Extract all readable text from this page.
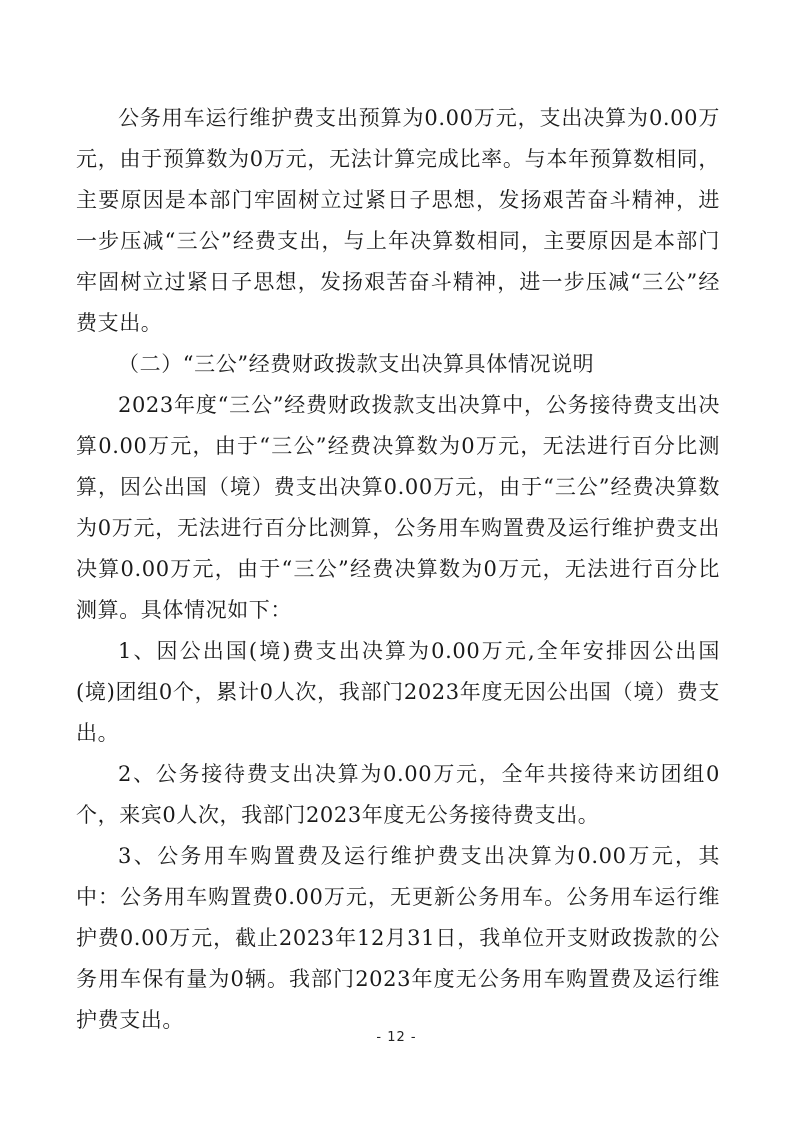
公务用车运行维护费支出预算为0.00万元，支出决算为0.00万元，由于预算数为0万元，无法计算完成比率。与本年预算数相同，主要原因是本部门牢固树立过紧日子思想，发扬艰苦奋斗精神，进一步压减“三公”经费支出，与上年决算数相同，主要原因是本部门牢固树立过紧日子思想，发扬艰苦奋斗精神，进一步压减“三公”经费支出。

（二）“三公”经费财政拨款支出决算具体情况说明

2023年度“三公”经费财政拨款支出决算中，公务接待费支出决算0.00万元，由于“三公”经费决算数为0万元，无法进行百分比测算，因公出国（境）费支出决算0.00万元，由于“三公”经费决算数为0万元，无法进行百分比测算，公务用车购置费及运行维护费支出决算0.00万元，由于“三公”经费决算数为0万元，无法进行百分比测算。具体情况如下：

1、因公出国(境)费支出决算为0.00万元,全年安排因公出国(境)团组0个，累计0人次，我部门2023年度无因公出国（境）费支出。

2、公务接待费支出决算为0.00万元，全年共接待来访团组0个，来宾0人次，我部门2023年度无公务接待费支出。

3、公务用车购置费及运行维护费支出决算为0.00万元，其中：公务用车购置费0.00万元，无更新公务用车。公务用车运行维护费0.00万元，截止2023年12月31日，我单位开支财政拨款的公务用车保有量为0辆。我部门2023年度无公务用车购置费及运行维护费支出。

- 12 -
